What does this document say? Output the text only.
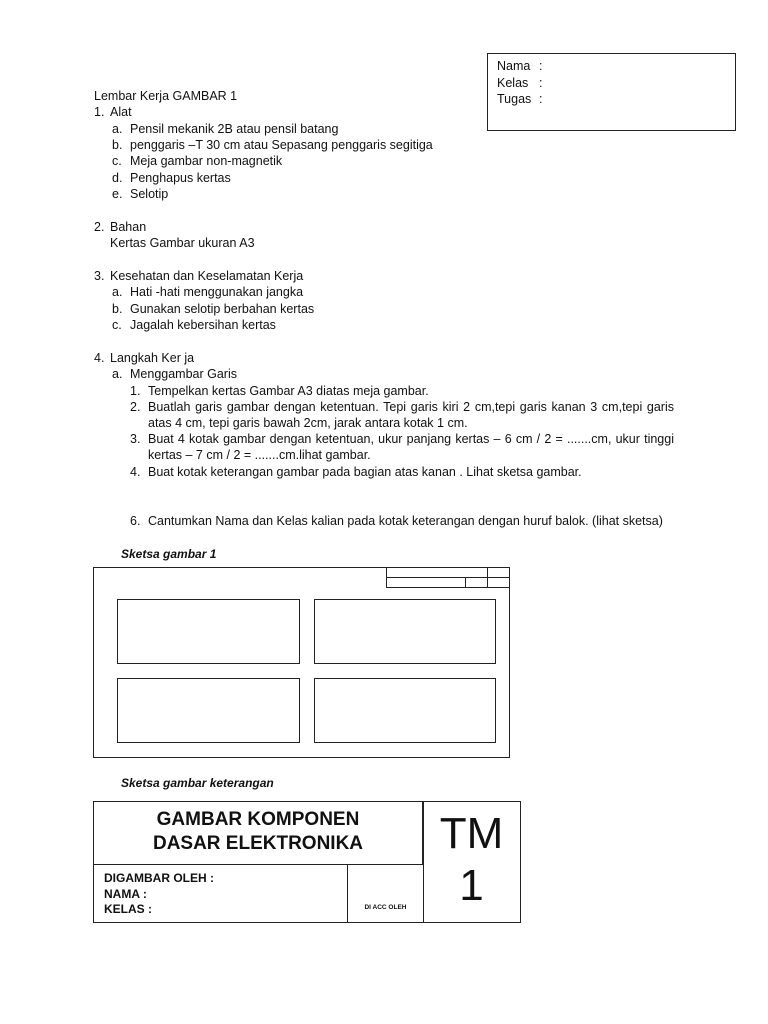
Nama :
Kelas :
Tugas :
Lembar Kerja GAMBAR 1
1. Alat
a. Pensil mekanik 2B atau pensil batang
b. penggaris –T 30 cm atau Sepasang penggaris segitiga
c. Meja gambar non-magnetik
d. Penghapus kertas
e. Selotip
2. Bahan
Kertas Gambar ukuran A3
3. Kesehatan dan Keselamatan Kerja
a. Hati -hati menggunakan jangka
b. Gunakan selotip berbahan kertas
c. Jagalah kebersihan kertas
4. Langkah Ker ja
a. Menggambar Garis
1. Tempelkan kertas Gambar A3 diatas meja gambar.
2. Buatlah garis gambar dengan ketentuan. Tepi garis kiri 2 cm,tepi garis kanan 3 cm,tepi garis atas 4 cm, tepi garis bawah 2cm, jarak antara kotak 1 cm.
3. Buat 4 kotak gambar dengan ketentuan, ukur panjang kertas – 6 cm / 2 = .......cm, ukur tinggi kertas – 7 cm / 2 = .......cm.lihat gambar.
4. Buat kotak keterangan gambar pada bagian atas kanan . Lihat sketsa gambar.
6. Cantumkan Nama dan Kelas kalian pada kotak keterangan dengan huruf balok. (lihat sketsa)
Sketsa gambar 1
Sketsa gambar keterangan
GAMBAR KOMPONEN
DASAR ELEKTRONIKA	TM
1
DIGAMBAR OLEH :
NAMA :
KELAS :	DI ACC OLEH
